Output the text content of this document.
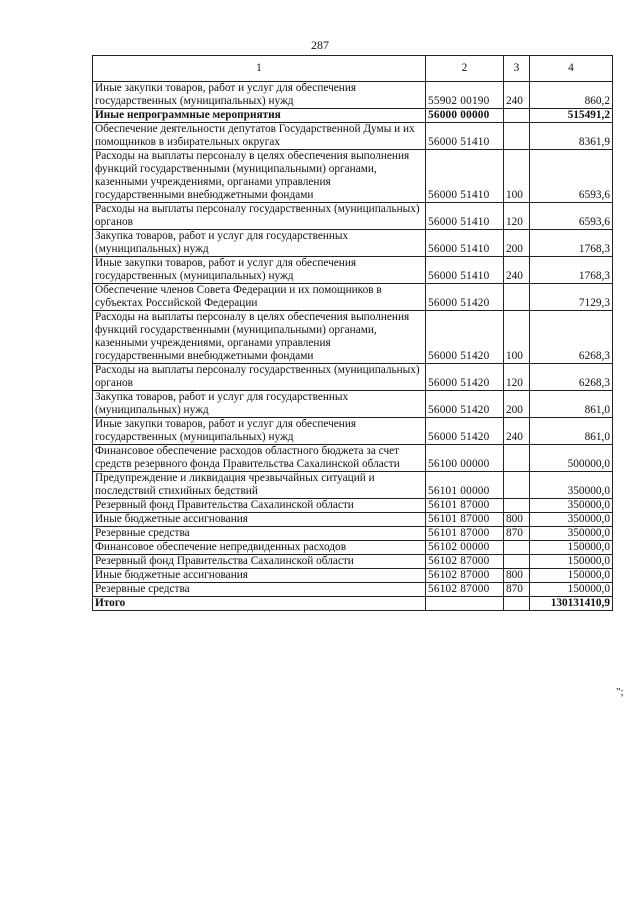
287
1	2	3	4
Иные закупки товаров, работ и услуг для обеспечения государственных (муниципальных) нужд	55902 00190	240	860,2
Иные непрограммные мероприятия	56000 00000		515491,2
Обеспечение деятельности депутатов Государственной Думы и их помощников в избирательных округах	56000 51410		8361,9
Расходы на выплаты персоналу в целях обеспечения выполнения функций государственными (муниципальными) органами, казенными учреждениями, органами управления государственными внебюджетными фондами	56000 51410	100	6593,6
Расходы на выплаты персоналу государственных (муниципальных) органов	56000 51410	120	6593,6
Закупка товаров, работ и услуг для государственных (муниципальных) нужд	56000 51410	200	1768,3
Иные закупки товаров, работ и услуг для обеспечения государственных (муниципальных) нужд	56000 51410	240	1768,3
Обеспечение членов Совета Федерации и их помощников в субъектах Российской Федерации	56000 51420		7129,3
Расходы на выплаты персоналу в целях обеспечения выполнения функций государственными (муниципальными) органами, казенными учреждениями, органами управления государственными внебюджетными фондами	56000 51420	100	6268,3
Расходы на выплаты персоналу государственных (муниципальных) органов	56000 51420	120	6268,3
Закупка товаров, работ и услуг для государственных (муниципальных) нужд	56000 51420	200	861,0
Иные закупки товаров, работ и услуг для обеспечения государственных (муниципальных) нужд	56000 51420	240	861,0
Финансовое обеспечение расходов областного бюджета за счет средств резервного фонда Правительства Сахалинской области	56100 00000		500000,0
Предупреждение и ликвидация чрезвычайных ситуаций и последствий стихийных бедствий	56101 00000		350000,0
Резервный фонд Правительства Сахалинской области	56101 87000		350000,0
Иные бюджетные ассигнования	56101 87000	800	350000,0
Резервные средства	56101 87000	870	350000,0
Финансовое обеспечение непредвиденных расходов	56102 00000		150000,0
Резервный фонд Правительства Сахалинской области	56102 87000		150000,0
Иные бюджетные ассигнования	56102 87000	800	150000,0
Резервные средства	56102 87000	870	150000,0
Итого			130131410,9
";
